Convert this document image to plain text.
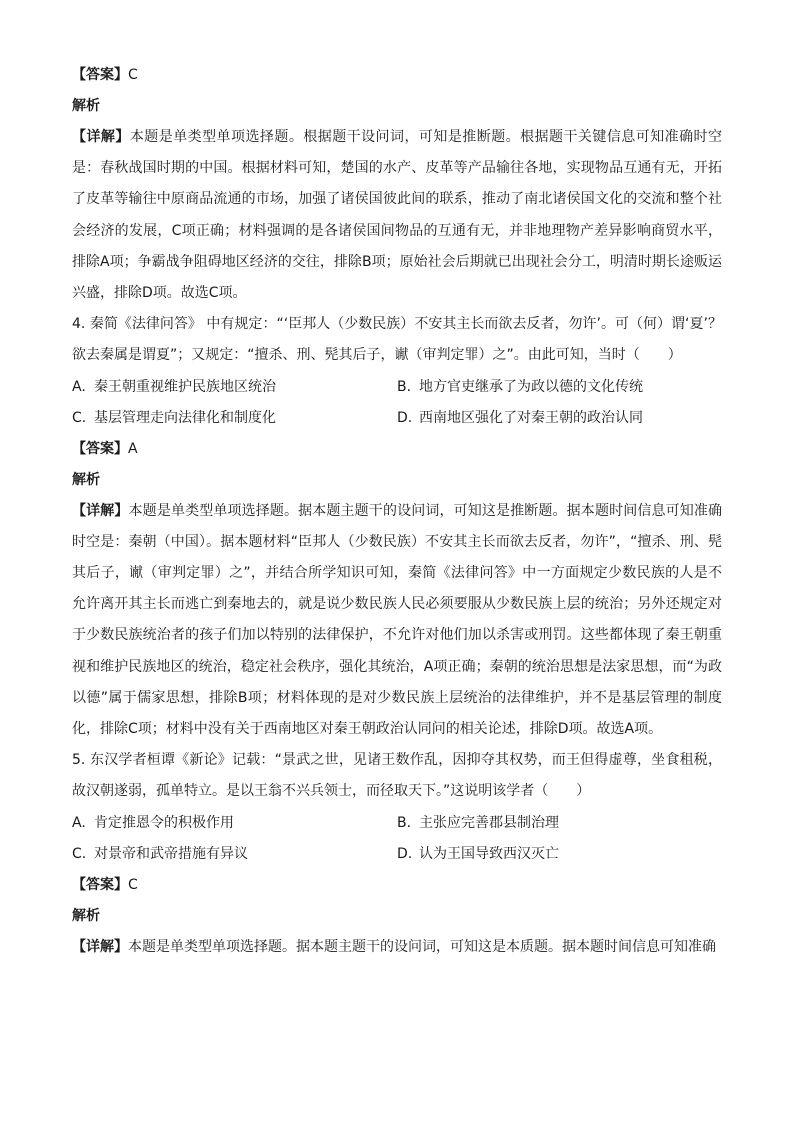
【答案】C
解析
【详解】本题是单类型单项选择题。根据题干设问词，可知是推断题。根据题干关键信息可知准确时空是：春秋战国时期的中国。根据材料可知，楚国的水产、皮革等产品输往各地，实现物品互通有无，开拓了皮革等输往中原商品流通的市场，加强了诸侯国彼此间的联系，推动了南北诸侯国文化的交流和整个社会经济的发展，C项正确；材料强调的是各诸侯国间物品的互通有无，并非地理物产差异影响商贸水平，排除A项；争霸战争阻碍地区经济的交往，排除B项；原始社会后期就已出现社会分工，明清时期长途贩运兴盛，排除D项。故选C项。
4. 秦简《法律问答》 中有规定：“‘臣邦人（少数民族）不安其主长而欲去反者，勿许’。可（何）谓‘夏’？欲去秦属是谓夏”；又规定：“擅杀、刑、髡其后子，谳（审判定罪）之”。由此可知，当时（　　）
A. 秦王朝重视维护民族地区统治	B. 地方官吏继承了为政以德的文化传统
C. 基层管理走向法律化和制度化	D. 西南地区强化了对秦王朝的政治认同
【答案】A
解析
【详解】本题是单类型单项选择题。据本题主题干的设问词，可知这是推断题。据本题时间信息可知准确时空是：秦朝（中国）。据本题材料“臣邦人（少数民族）不安其主长而欲去反者，勿许”，“擅杀、刑、髡其后子，谳（审判定罪）之”，并结合所学知识可知，秦简《法律问答》中一方面规定少数民族的人是不允许离开其主长而逃亡到秦地去的，就是说少数民族人民必须要服从少数民族上层的统治；另外还规定对于少数民族统治者的孩子们加以特别的法律保护，不允许对他们加以杀害或刑罚。这些都体现了秦王朝重视和维护民族地区的统治，稳定社会秩序，强化其统治，A项正确；秦朝的统治思想是法家思想，而“为政以德”属于儒家思想，排除B项；材料体现的是对少数民族上层统治的法律维护，并不是基层管理的制度化，排除C项；材料中没有关于西南地区对秦王朝政治认同问的相关论述，排除D项。故选A项。
5. 东汉学者桓谭《新论》记载：“景武之世，见诸王数作乱，因抑夺其权势，而王但得虚尊，坐食租税，故汉朝遂弱，孤单特立。是以王翁不兴兵领士，而径取天下。”这说明该学者（　　）
A. 肯定推恩令的积极作用	B. 主张应完善郡县制治理
C. 对景帝和武帝措施有异议	D. 认为王国导致西汉灭亡
【答案】C
解析
【详解】本题是单类型单项选择题。据本题主题干的设问词，可知这是本质题。据本题时间信息可知准确
